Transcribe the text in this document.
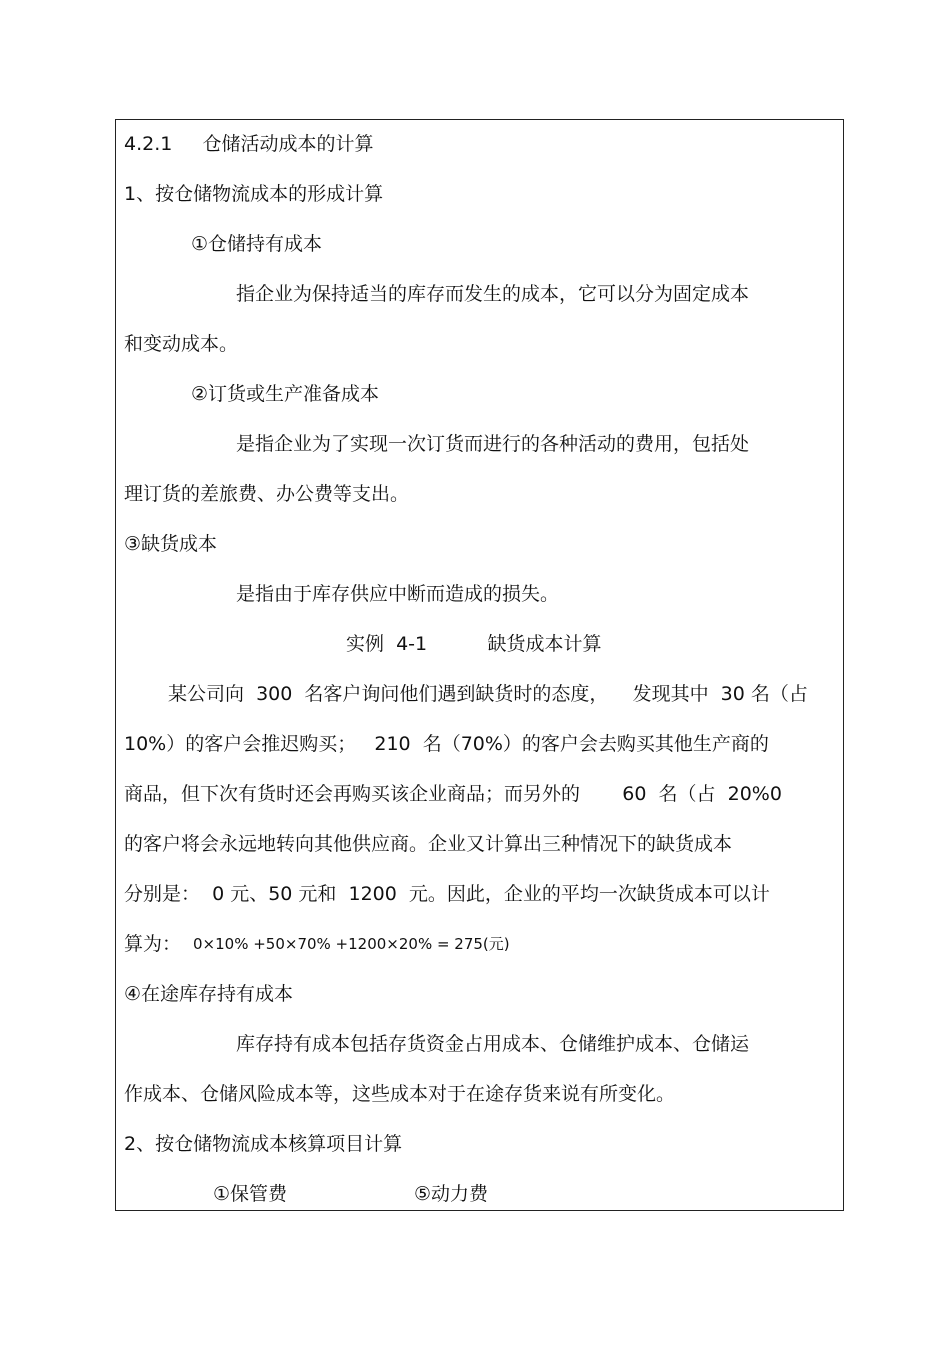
4.2.1     仓储活动成本的计算
1、按仓储物流成本的形成计算
①仓储持有成本
指企业为保持适当的库存而发生的成本，它可以分为固定成本
和变动成本。
②订货或生产准备成本
是指企业为了实现一次订货而进行的各种活动的费用，包括处
理订货的差旅费、办公费等支出。
③缺货成本
是指由于库存供应中断而造成的损失。
实例  4-1          缺货成本计算
某公司向  300  名客户询问他们遇到缺货时的态度，    发现其中  30 名（占
10%）的客户会推迟购买；   210  名（70%）的客户会去购买其他生产商的
商品，但下次有货时还会再购买该企业商品；而另外的       60  名（占  20%0
的客户将会永远地转向其他供应商。企业又计算出三种情况下的缺货成本
分别是：  0 元、50 元和  1200  元。因此，企业的平均一次缺货成本可以计
算为： 0×10% +50×70% +1200×20% = 275(元)
④在途库存持有成本
库存持有成本包括存货资金占用成本、仓储维护成本、仓储运
作成本、仓储风险成本等，这些成本对于在途存货来说有所变化。
2、按仓储物流成本核算项目计算
①保管费	⑤动力费
